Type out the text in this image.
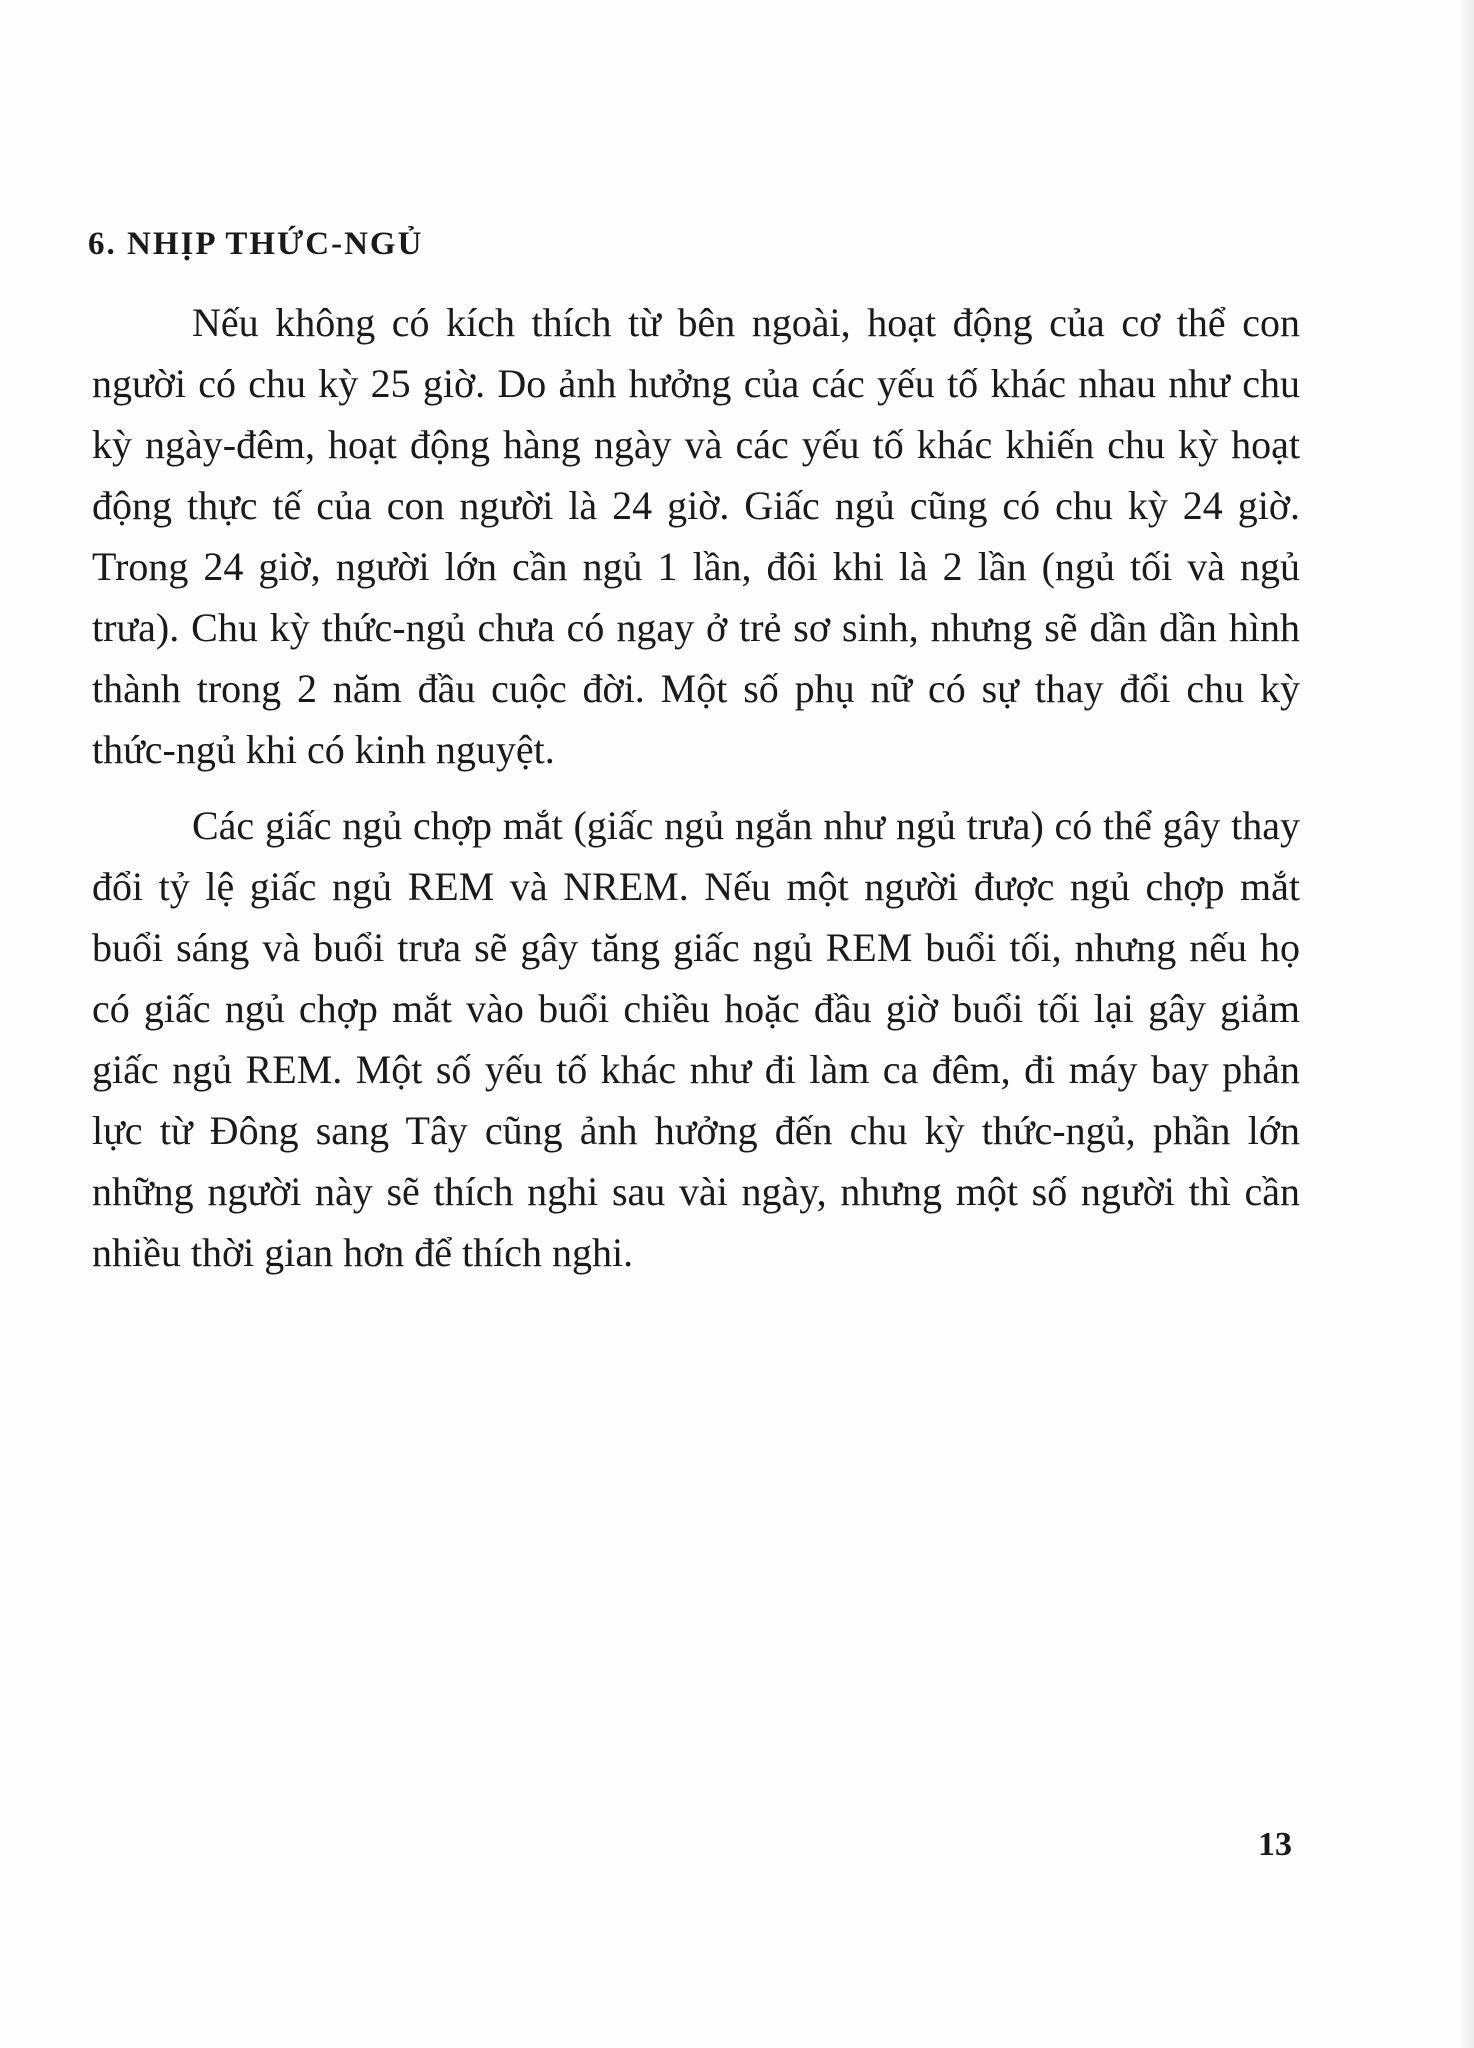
6. NHỊP THỨC-NGỦ

Nếu không có kích thích từ bên ngoài, hoạt động của cơ thể con người có chu kỳ 25 giờ. Do ảnh hưởng của các yếu tố khác nhau như chu kỳ ngày-đêm, hoạt động hàng ngày và các yếu tố khác khiến chu kỳ hoạt động thực tế của con người là 24 giờ. Giấc ngủ cũng có chu kỳ 24 giờ. Trong 24 giờ, người lớn cần ngủ 1 lần, đôi khi là 2 lần (ngủ tối và ngủ trưa). Chu kỳ thức-ngủ chưa có ngay ở trẻ sơ sinh, nhưng sẽ dần dần hình thành trong 2 năm đầu cuộc đời. Một số phụ nữ có sự thay đổi chu kỳ thức-ngủ khi có kinh nguyệt.

Các giấc ngủ chợp mắt (giấc ngủ ngắn như ngủ trưa) có thể gây thay đổi tỷ lệ giấc ngủ REM và NREM. Nếu một người được ngủ chợp mắt buổi sáng và buổi trưa sẽ gây tăng giấc ngủ REM buổi tối, nhưng nếu họ có giấc ngủ chợp mắt vào buổi chiều hoặc đầu giờ buổi tối lại gây giảm giấc ngủ REM. Một số yếu tố khác như đi làm ca đêm, đi máy bay phản lực từ Đông sang Tây cũng ảnh hưởng đến chu kỳ thức-ngủ, phần lớn những người này sẽ thích nghi sau vài ngày, nhưng một số người thì cần nhiều thời gian hơn để thích nghi.

13
